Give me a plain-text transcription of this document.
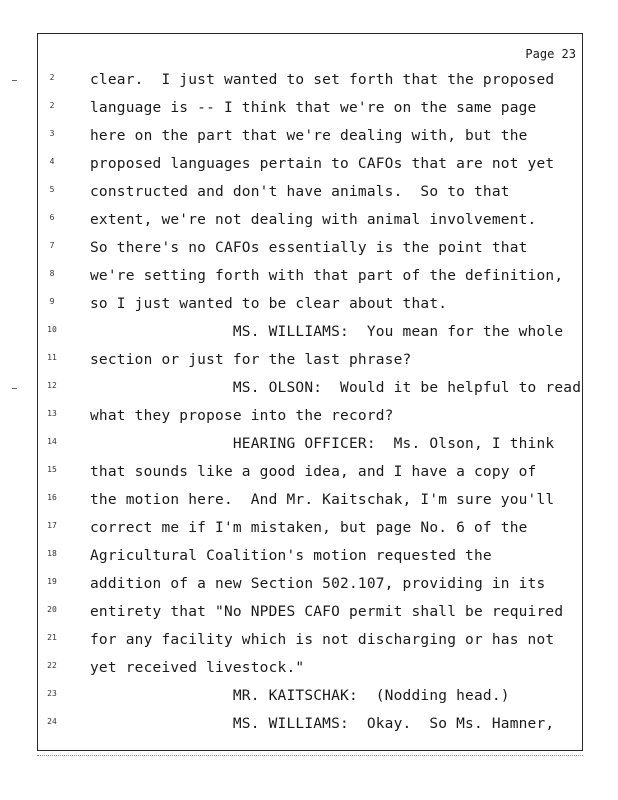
Page 23
2	clear.  I just wanted to set forth that the proposed
2	language is -- I think that we're on the same page
3	here on the part that we're dealing with, but the
4	proposed languages pertain to CAFOs that are not yet
5	constructed and don't have animals.  So to that
6	extent, we're not dealing with animal involvement.
7	So there's no CAFOs essentially is the point that
8	we're setting forth with that part of the definition,
9	so I just wanted to be clear about that.
10 MS. WILLIAMS:  You mean for the whole
11 section or just for the last phrase?
12 MS. OLSON:  Would it be helpful to read
13 what they propose into the record?
14 HEARING OFFICER:  Ms. Olson, I think
15 that sounds like a good idea, and I have a copy of
16 the motion here.  And Mr. Kaitschak, I'm sure you'll
17 correct me if I'm mistaken, but page No. 6 of the
18 Agricultural Coalition's motion requested the
19 addition of a new Section 502.107, providing in its
20 entirety that "No NPDES CAFO permit shall be required
21 for any facility which is not discharging or has not
22 yet received livestock."
23 MR. KAITSCHAK:  (Nodding head.)
24 MS. WILLIAMS:  Okay.  So Ms. Hamner,
